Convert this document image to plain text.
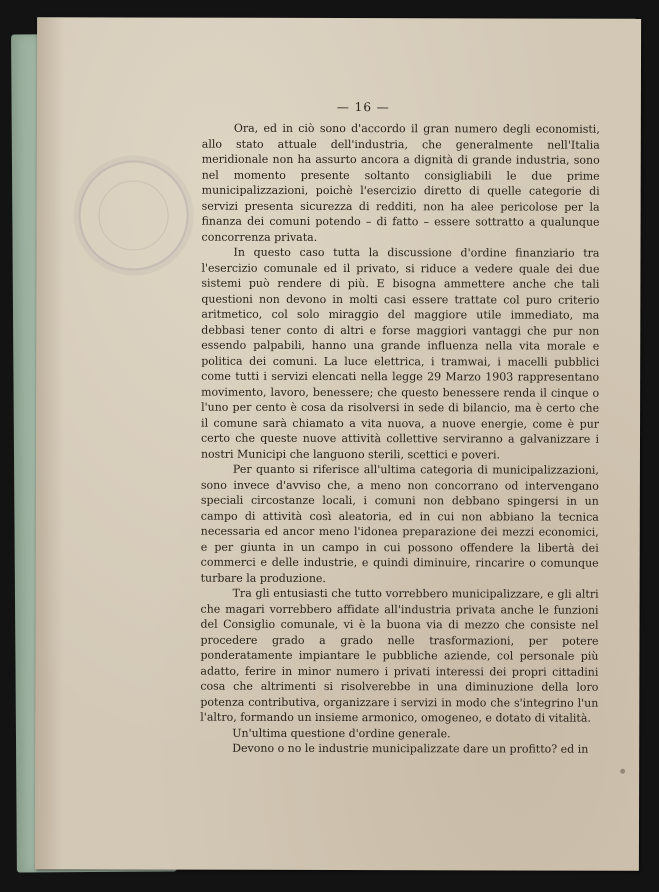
— 16 —

Ora, ed in ciò sono d'accordo il gran numero degli economisti, allo stato attuale dell'industria, che generalmente nell'Italia meridionale non ha assurto ancora a dignità di grande industria, sono nel momento presente soltanto consigliabili le due prime municipalizzazioni, poichè l'esercizio diretto di quelle categorie di servizi presenta sicurezza di redditi, non ha alee pericolose per la finanza dei comuni potendo – di fatto – essere sottratto a qualunque concorrenza privata.

In questo caso tutta la discussione d'ordine finanziario tra l'esercizio comunale ed il privato, si riduce a vedere quale dei due sistemi può rendere di più. E bisogna ammettere anche che tali questioni non devono in molti casi essere trattate col puro criterio aritmetico, col solo miraggio del maggiore utile immediato, ma debbasi tener conto di altri e forse maggiori vantaggi che pur non essendo palpabili, hanno una grande influenza nella vita morale e politica dei comuni. La luce elettrica, i tramwai, i macelli pubblici come tutti i servizi elencati nella legge 29 Marzo 1903 rappresentano movimento, lavoro, benessere; che questo benessere renda il cinque o l'uno per cento è cosa da risolversi in sede di bilancio, ma è certo che il comune sarà chiamato a vita nuova, a nuove energie, come è pur certo che queste nuove attività collettive serviranno a galvanizzare i nostri Municipi che languono sterili, scettici e poveri.

Per quanto si riferisce all'ultima categoria di municipalizzazioni, sono invece d'avviso che, a meno non concorrano od intervengano speciali circostanze locali, i comuni non debbano spingersi in un campo di attività così aleatoria, ed in cui non abbiano la tecnica necessaria ed ancor meno l'idonea preparazione dei mezzi economici, e per giunta in un campo in cui possono offendere la libertà dei commerci e delle industrie, e quindi diminuire, rincarire o comunque turbare la produzione.

Tra gli entusiasti che tutto vorrebbero municipalizzare, e gli altri che magari vorrebbero affidate all'industria privata anche le funzioni del Consiglio comunale, vi è la buona via di mezzo che consiste nel procedere grado a grado nelle trasformazioni, per potere ponderatamente impiantare le pubbliche aziende, col personale più adatto, ferire in minor numero i privati interessi dei propri cittadini cosa che altrimenti si risolverebbe in una diminuzione della loro potenza contributiva, organizzare i servizi in modo che s'integrino l'un l'altro, formando un insieme armonico, omogeneo, e dotato di vitalità.

Un'ultima questione d'ordine generale.

Devono o no le industrie municipalizzate dare un profitto? ed in
